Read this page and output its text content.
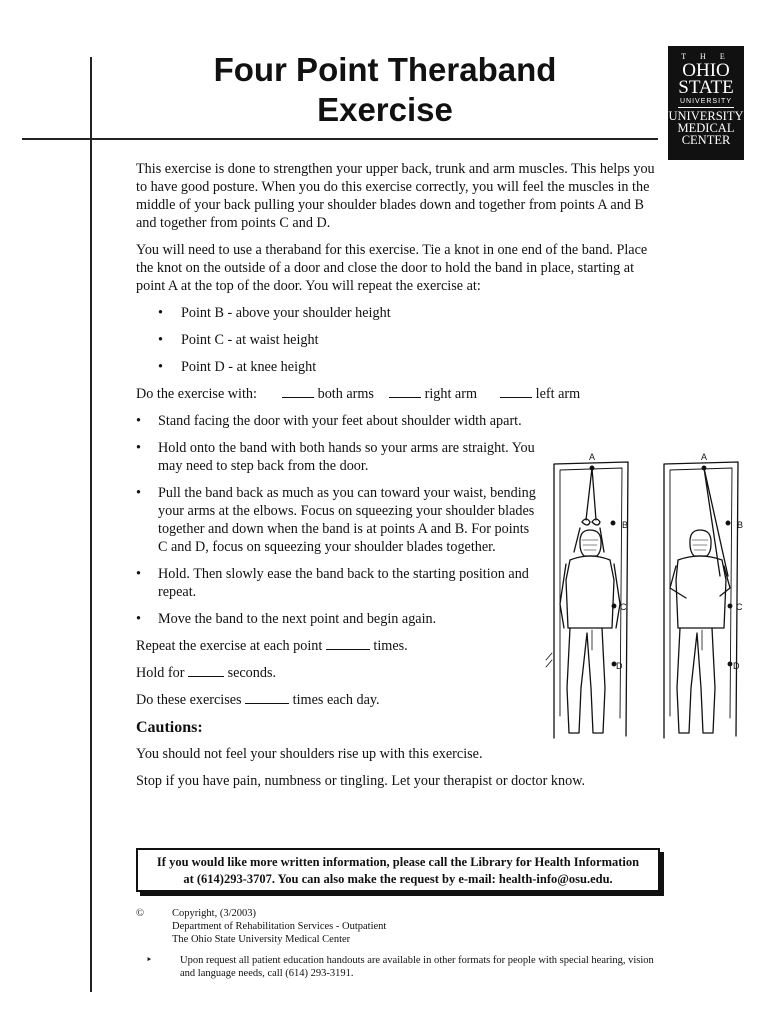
Four Point Theraband
Exercise
T H E
OHIO
STATE
UNIVERSITY
UNIVERSITY
MEDICAL
CENTER

This exercise is done to strengthen your upper back, trunk and arm muscles. This helps you to have good posture. When you do this exercise correctly, you will feel the muscles in the middle of your back pulling your shoulder blades down and together from points A and B and together from points C and D.

You will need to use a theraband for this exercise. Tie a knot in one end of the band. Place the knot on the outside of a door and close the door to hold the band in place, starting at point A at the top of the door. You will repeat the exercise at:

• Point B - above your shoulder height
• Point C - at waist height
• Point D - at knee height
Do the exercise with:	both arms	right arm	left arm
• Stand facing the door with your feet about shoulder width apart.
• Hold onto the band with both hands so your arms are straight. You may need to step back from the door.
• Pull the band back as much as you can toward your waist, bending your arms at the elbows. Focus on squeezing your shoulder blades together and down when the band is at points A and B. For points C and D, focus on squeezing your shoulder blades together.
• Hold. Then slowly ease the band back to the starting position and repeat.
• Move the band to the next point and begin again.

Repeat the exercise at each point	times.

Hold for	seconds.

Do these exercises	times each day.

Cautions:

You should not feel your shoulders rise up with this exercise.

Stop if you have pain, numbness or tingling. Let your therapist or doctor know.

If you would like more written information, please call the Library for Health Information
at (614)293-3707. You can also make the request by e-mail: health-info@osu.edu.
©	Copyright, (3/2003)
Department of Rehabilitation Services - Outpatient
The Ohio State University Medical Center
‣	Upon request all patient education handouts are available in other formats for people with special hearing, vision and language needs, call (614) 293-3191.
A
B
C
D
A
B
C
D
